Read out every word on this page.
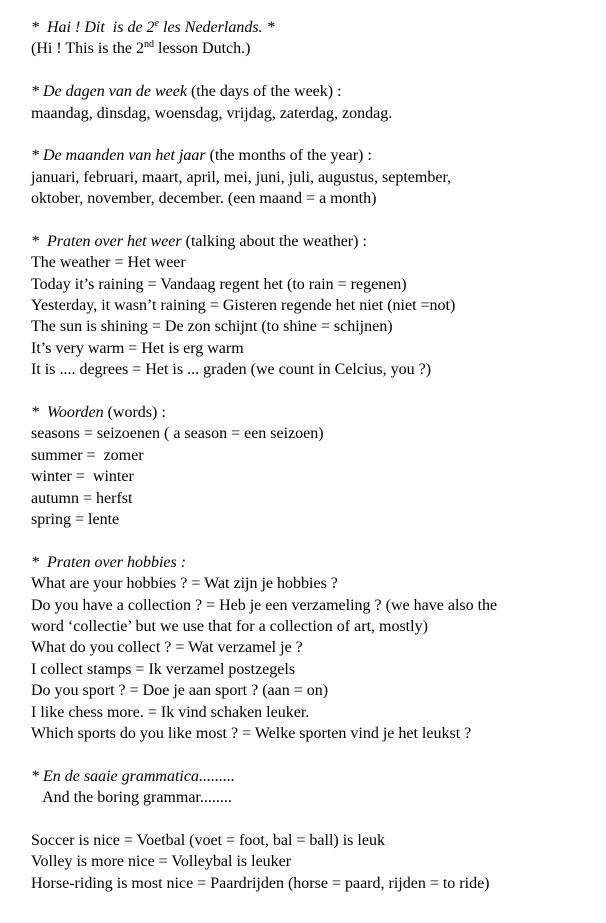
*  Hai ! Dit  is de 2e les Nederlands. *
(Hi ! This is the 2nd lesson Dutch.)
* De dagen van de week (the days of the week) :
maandag, dinsdag, woensdag, vrijdag, zaterdag, zondag.
* De maanden van het jaar (the months of the year) :
januari, februari, maart, april, mei, juni, juli, augustus, september,
oktober, november, december. (een maand = a month)
*  Praten over het weer (talking about the weather) :
The weather = Het weer
Today it’s raining = Vandaag regent het (to rain = regenen)
Yesterday, it wasn’t raining = Gisteren regende het niet (niet =not)
The sun is shining = De zon schijnt (to shine = schijnen)
It’s very warm = Het is erg warm
It is .... degrees = Het is ... graden (we count in Celcius, you ?)
*  Woorden (words) :
seasons = seizoenen ( a season = een seizoen)
summer =  zomer
winter =  winter
autumn = herfst
spring = lente
*  Praten over hobbies :
What are your hobbies ? = Wat zijn je hobbies ?
Do you have a collection ? = Heb je een verzameling ? (we have also the
word ‘collectie’ but we use that for a collection of art, mostly)
What do you collect ? = Wat verzamel je ?
I collect stamps = Ik verzamel postzegels
Do you sport ? = Doe je aan sport ? (aan = on)
I like chess more. = Ik vind schaken leuker.
Which sports do you like most ? = Welke sporten vind je het leukst ?
* En de saaie grammatica.........
And the boring grammar........
Soccer is nice = Voetbal (voet = foot, bal = ball) is leuk
Volley is more nice = Volleybal is leuker
Horse-riding is most nice = Paardrijden (horse = paard, rijden = to ride)
